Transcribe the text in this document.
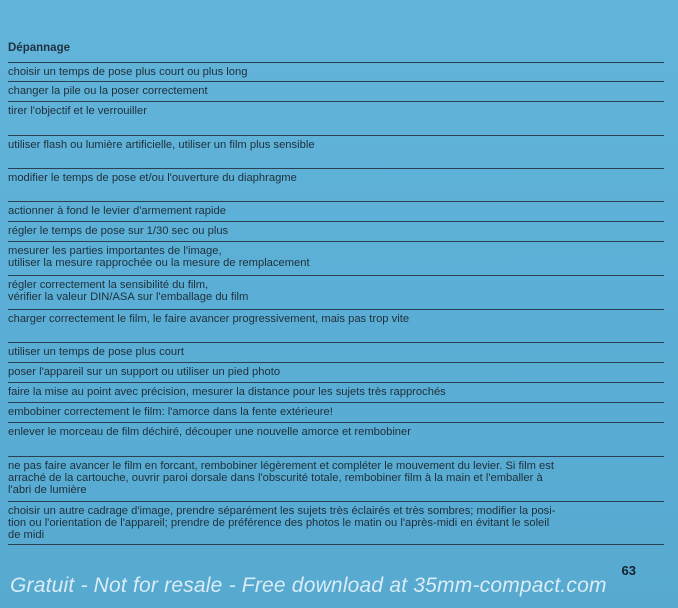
Dépannage
choisir un temps de pose plus court ou plus long
changer la pile ou la poser correctement
tirer l'objectif et le verrouiller
utiliser flash ou lumière artificielle, utiliser un film plus sensible
modifier le temps de pose et/ou l'ouverture du diaphragme
actionner à fond le levier d'armement rapide
régler le temps de pose sur 1/30 sec ou plus
mesurer les parties importantes de l'image,
utiliser la mesure rapprochée ou la mesure de remplacement
régler correctement la sensibilité du film,
vérifier la valeur DIN/ASA sur l'emballage du film
charger correctement le film, le faire avancer progressivement, mais pas trop vite
utiliser un temps de pose plus court
poser l'appareil sur un support ou utiliser un pied photo
faire la mise au point avec précision, mesurer la distance pour les sujets très rapprochés
embobiner correctement le film: l'amorce dans la fente extérieure!
enlever le morceau de film déchiré, découper une nouvelle amorce et rembobiner
ne pas faire avancer le film en forcant, rembobiner légèrement et compléter le mouvement du levier. Si film est
arraché de la cartouche, ouvrir paroi dorsale dans l'obscurité totale, rembobiner film à la main et l'emballer à
l'abri de lumière
choisir un autre cadrage d'image, prendre séparément les sujets très éclairés et très sombres; modifier la posi-
tion ou l'orientation de l'appareil; prendre de préférence des photos le matin ou l'après-midi en évitant le soleil
de midi
63
Gratuit - Not for resale - Free download at 35mm-compact.com
